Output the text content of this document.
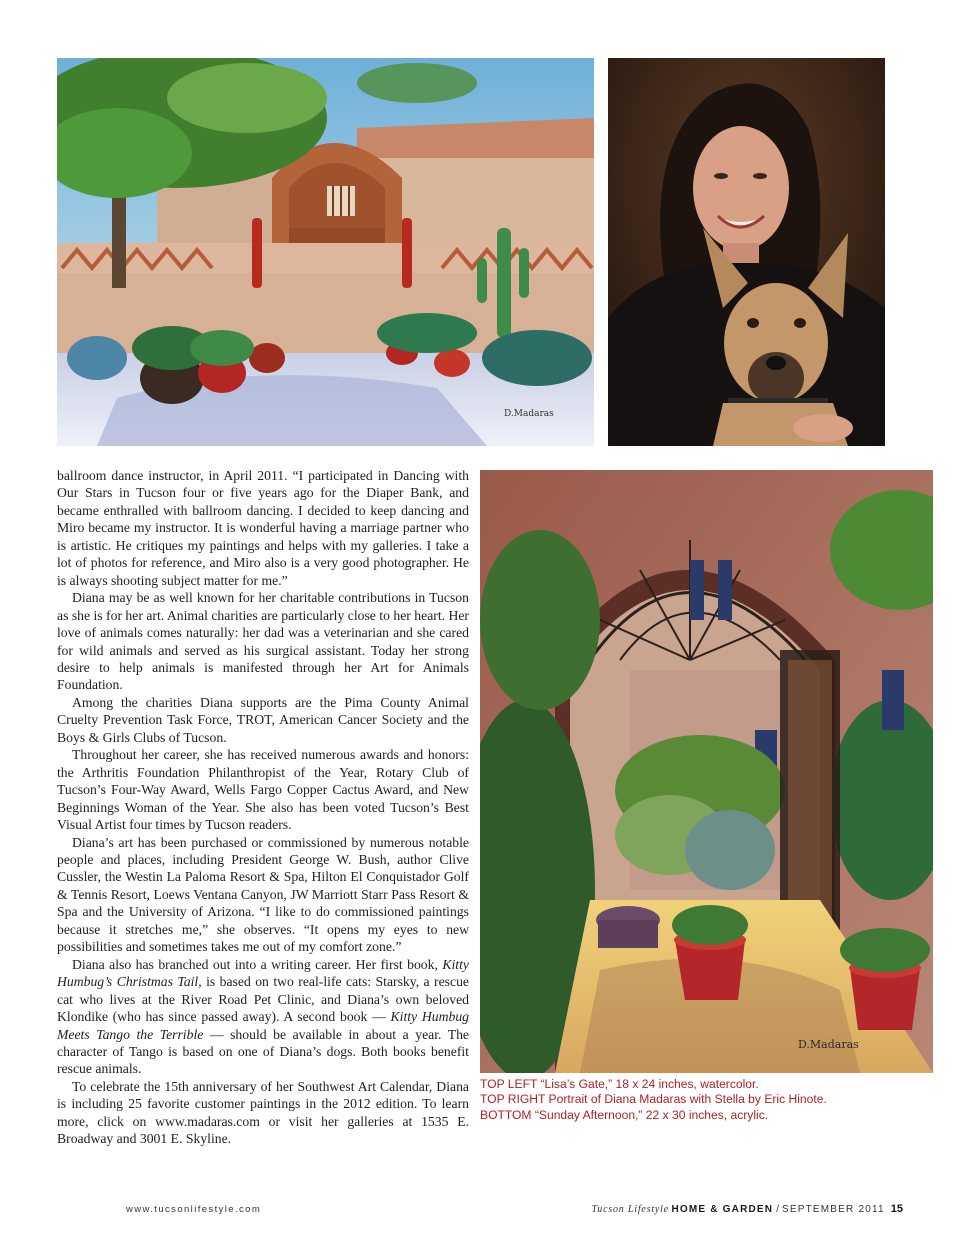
D.Madaras
D.Madaras

ballroom dance instructor, in April 2011. “I participated in Dancing with Our Stars in Tucson four or five years ago for the Diaper Bank, and became enthralled with ballroom dancing. I decided to keep dancing and Miro became my instructor. It is wonderful having a marriage partner who is artistic. He critiques my paintings and helps with my galleries. I take a lot of photos for reference, and Miro also is a very good photographer. He is always shooting subject matter for me.”

Diana may be as well known for her charitable contributions in Tucson as she is for her art. Animal charities are particularly close to her heart. Her love of animals comes naturally: her dad was a veterinarian and she cared for wild animals and served as his surgical assistant. Today her strong desire to help animals is manifested through her Art for Animals Foundation.

Among the charities Diana supports are the Pima County Animal Cruelty Prevention Task Force, TROT, American Cancer Society and the Boys & Girls Clubs of Tucson.

Throughout her career, she has received numerous awards and honors: the Arthritis Foundation Philanthropist of the Year, Rotary Club of Tucson’s Four-Way Award, Wells Fargo Copper Cactus Award, and New Beginnings Woman of the Year. She also has been voted Tucson’s Best Visual Artist four times by Tucson readers.

Diana’s art has been purchased or commissioned by numerous notable people and places, including President George W. Bush, author Clive Cussler, the Westin La Paloma Resort & Spa, Hilton El Conquistador Golf & Tennis Resort, Loews Ventana Canyon, JW Marriott Starr Pass Resort & Spa and the University of Arizona. “I like to do commissioned paintings because it stretches me,” she observes. “It opens my eyes to new possibilities and sometimes takes me out of my comfort zone.”

Diana also has branched out into a writing career. Her first book, Kitty Humbug’s Christmas Tail, is based on two real-life cats: Starsky, a rescue cat who lives at the River Road Pet Clinic, and Diana’s own beloved Klondike (who has since passed away). A second book — Kitty Humbug Meets Tango the Terrible — should be available in about a year. The character of Tango is based on one of Diana’s dogs. Both books benefit rescue animals.

To celebrate the 15th anniversary of her Southwest Art Calendar, Diana is including 25 favorite customer paintings in the 2012 edition. To learn more, click on www.madaras.com or visit her galleries at 1535 E. Broadway and 3001 E. Skyline.

TOP LEFT “Lisa’s Gate,” 18 x 24 inches, watercolor.
TOP RIGHT Portrait of Diana Madaras with Stella by Eric Hinote.
BOTTOM “Sunday Afternoon,” 22 x 30 inches, acrylic.
www.tucsonlifestyle.com	Tucson Lifestyle HOME & GARDEN / SEPTEMBER 2011 15
